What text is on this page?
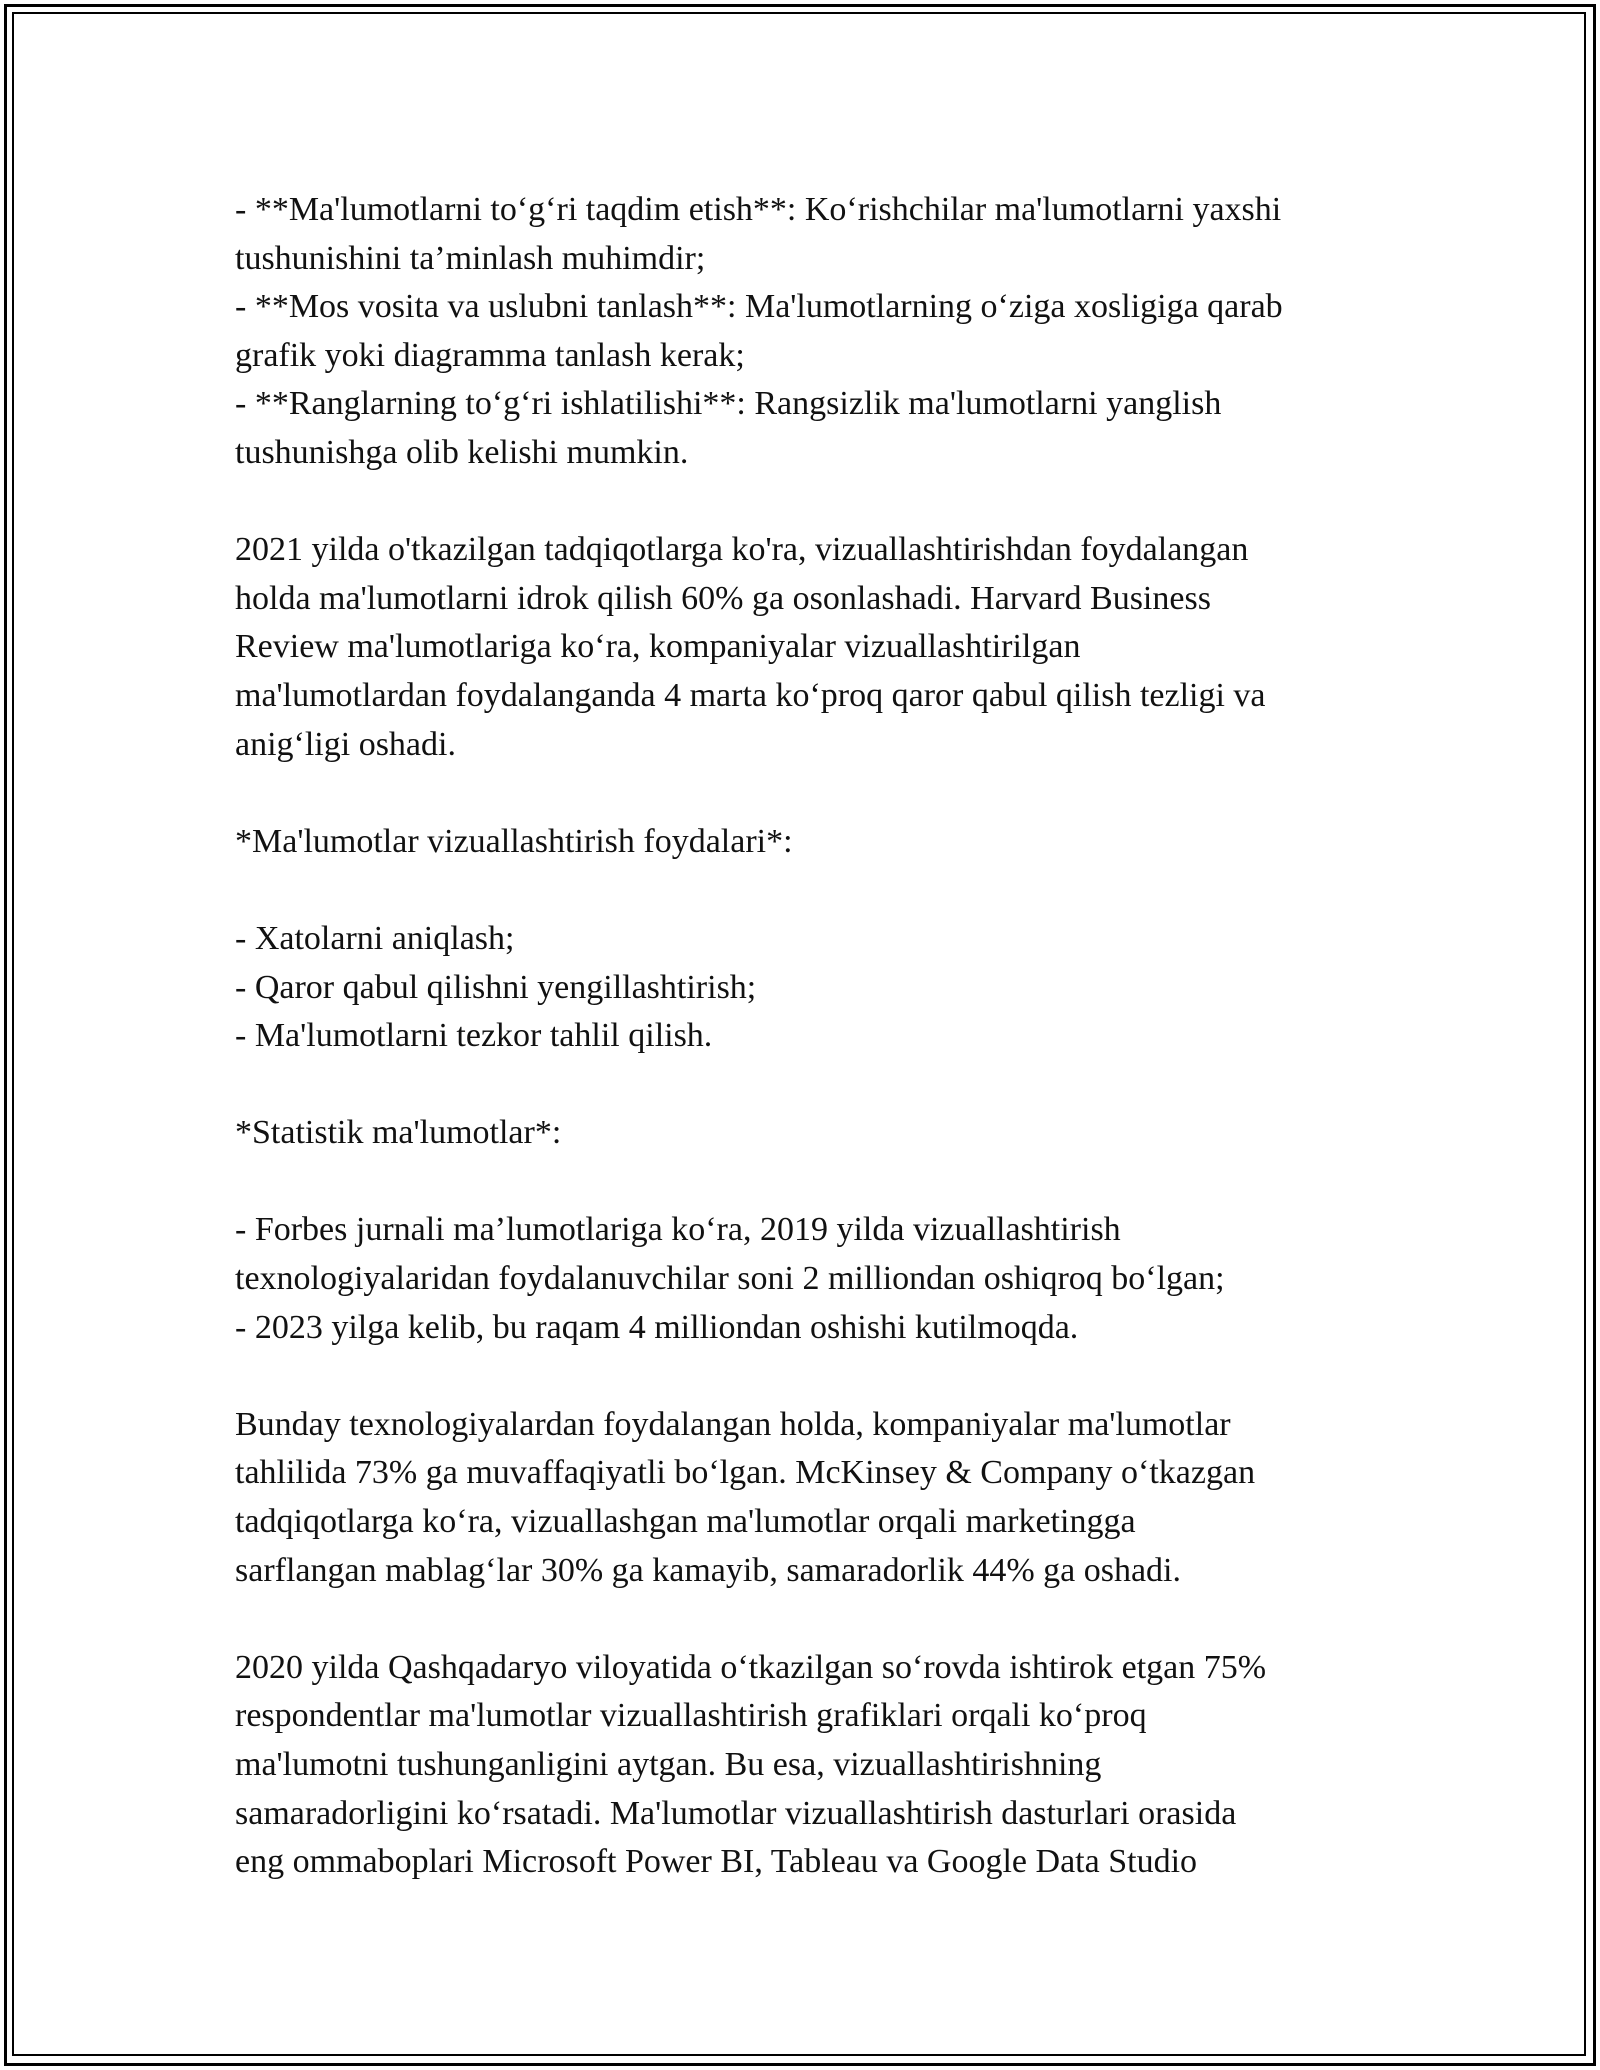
- **Ma'lumotlarni to‘g‘ri taqdim etish**: Ko‘rishchilar ma'lumotlarni yaxshi
tushunishini ta’minlash muhimdir;
- **Mos vosita va uslubni tanlash**: Ma'lumotlarning o‘ziga xosligiga qarab
grafik yoki diagramma tanlash kerak;
- **Ranglarning to‘g‘ri ishlatilishi**: Rangsizlik ma'lumotlarni yanglish
tushunishga olib kelishi mumkin.
2021 yilda o'tkazilgan tadqiqotlarga ko'ra, vizuallashtirishdan foydalangan
holda ma'lumotlarni idrok qilish 60% ga osonlashadi. Harvard Business
Review ma'lumotlariga ko‘ra, kompaniyalar vizuallashtirilgan
ma'lumotlardan foydalanganda 4 marta ko‘proq qaror qabul qilish tezligi va
anig‘ligi oshadi.
*Ma'lumotlar vizuallashtirish foydalari*:
- Xatolarni aniqlash;
- Qaror qabul qilishni yengillashtirish;
- Ma'lumotlarni tezkor tahlil qilish.
*Statistik ma'lumotlar*:
- Forbes jurnali ma’lumotlariga ko‘ra, 2019 yilda vizuallashtirish
texnologiyalaridan foydalanuvchilar soni 2 milliondan oshiqroq bo‘lgan;
- 2023 yilga kelib, bu raqam 4 milliondan oshishi kutilmoqda.
Bunday texnologiyalardan foydalangan holda, kompaniyalar ma'lumotlar
tahlilida 73% ga muvaffaqiyatli bo‘lgan. McKinsey & Company o‘tkazgan
tadqiqotlarga ko‘ra, vizuallashgan ma'lumotlar orqali marketingga
sarflangan mablag‘lar 30% ga kamayib, samaradorlik 44% ga oshadi.
2020 yilda Qashqadaryo viloyatida o‘tkazilgan so‘rovda ishtirok etgan 75%
respondentlar ma'lumotlar vizuallashtirish grafiklari orqali ko‘proq
ma'lumotni tushunganligini aytgan. Bu esa, vizuallashtirishning
samaradorligini ko‘rsatadi. Ma'lumotlar vizuallashtirish dasturlari orasida
eng ommaboplari Microsoft Power BI, Tableau va Google Data Studio
